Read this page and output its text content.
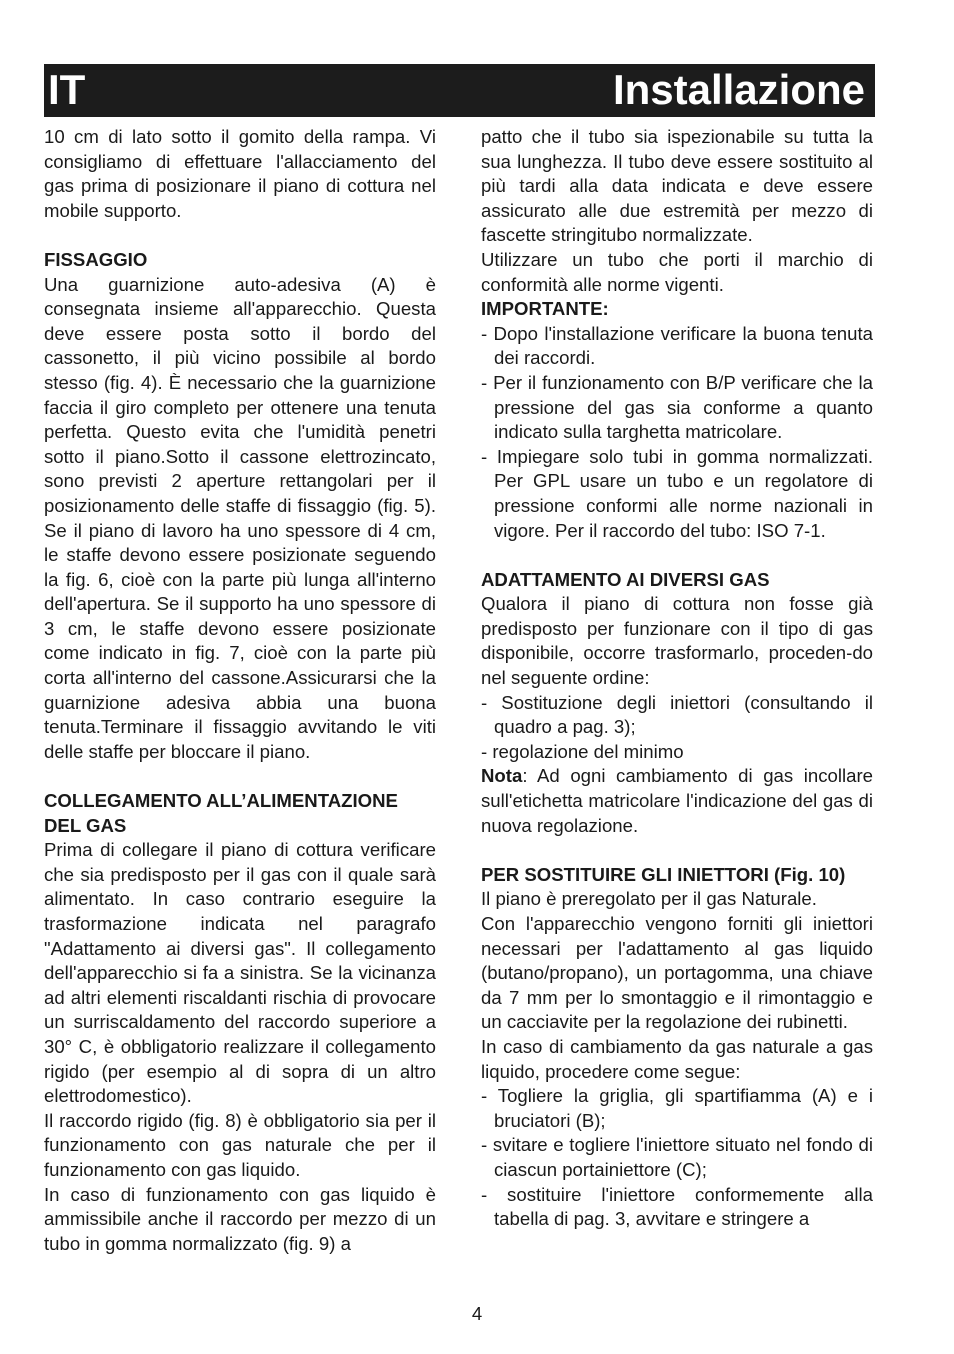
IT	Installazione

10 cm di lato sotto il gomito della rampa. Vi consigliamo di effettuare l'allacciamento del gas prima di posizionare il piano di cottura nel mobile supporto.

FISSAGGIO

Una guarnizione auto-adesiva (A) è consegnata insieme all'apparecchio. Questa deve essere posta sotto il bordo del cassonetto, il più vicino possibile al bordo stesso (fig. 4). È necessario che la guarnizione faccia il giro completo per ottenere una tenuta perfetta. Questo evita che l'umidità penetri sotto il piano.Sotto il cassone elettrozincato, sono previsti 2 aperture rettangolari per il posizionamento delle staffe di fissaggio (fig. 5). Se il piano di lavoro ha uno spessore di 4 cm, le staffe devono essere posizionate seguendo la fig. 6, cioè con la parte più lunga all'interno dell'apertura. Se il supporto ha uno spessore di 3 cm, le staffe devono essere posizionate come indicato in fig. 7, cioè con la parte più corta all'interno del cassone.Assicurarsi che la guarnizione adesiva abbia una buona tenuta.Terminare il fissaggio avvitando le viti delle staffe per bloccare il piano.

COLLEGAMENTO ALL’ALIMENTAZIONE DEL GAS

Prima di collegare il piano di cottura verificare che sia predisposto per il gas con il quale sarà alimentato. In caso contrario eseguire la trasformazione indicata nel paragrafo "Adattamento ai diversi gas". Il collegamento dell'apparecchio si fa a sinistra. Se la vicinanza ad altri elementi riscaldanti rischia di provocare un surriscaldamento del raccordo superiore a 30° C, è obbligatorio realizzare il collegamento rigido (per esempio al di sopra di un altro elettrodomestico).

Il raccordo rigido (fig. 8) è obbligatorio sia per il funzionamento con gas naturale che per il funzionamento con gas liquido.

In caso di funzionamento con gas liquido è ammissibile anche il raccordo per mezzo di un tubo in gomma normalizzato (fig. 9) a

patto che il tubo sia ispezionabile su tutta la sua lunghezza. Il tubo deve essere sostituito al più tardi alla data indicata e deve essere assicurato alle due estremità per mezzo di fascette stringitubo normalizzate.

Utilizzare un tubo che porti il marchio di conformità alle norme vigenti.

IMPORTANTE:

- Dopo l'installazione verificare la buona tenuta dei raccordi.

- Per il funzionamento con B/P verificare che la pressione del gas sia conforme a quanto indicato sulla targhetta matricolare.

- Impiegare solo tubi in gomma normalizzati. Per GPL usare un tubo e un regolatore di pressione conformi alle norme nazionali in vigore. Per il raccordo del tubo: ISO 7-1.

ADATTAMENTO AI DIVERSI GAS

Qualora il piano di cottura non fosse già predisposto per funzionare con il tipo di gas disponibile, occorre trasformarlo, proceden-do nel seguente ordine:

- Sostituzione degli iniettori (consultando il quadro a pag. 3);

- regolazione del minimo

Nota: Ad ogni cambiamento di gas incollare sull'etichetta matricolare l'indicazione del gas di nuova regolazione.

PER SOSTITUIRE GLI INIETTORI (Fig. 10)

Il piano è preregolato per il gas Naturale.

Con l'apparecchio vengono forniti gli iniettori necessari per l'adattamento al gas liquido (butano/propano), un portagomma, una chiave da 7 mm per lo smontaggio e il rimontaggio e un cacciavite per la regolazione dei rubinetti.

In caso di cambiamento da gas naturale a gas liquido, procedere come segue:

- Togliere la griglia, gli spartifiamma (A) e i bruciatori (B);

- svitare e togliere l'iniettore situato nel fondo di ciascun portainiettore (C);

- sostituire l'iniettore conformemente alla tabella di pag. 3, avvitare e stringere a

4
